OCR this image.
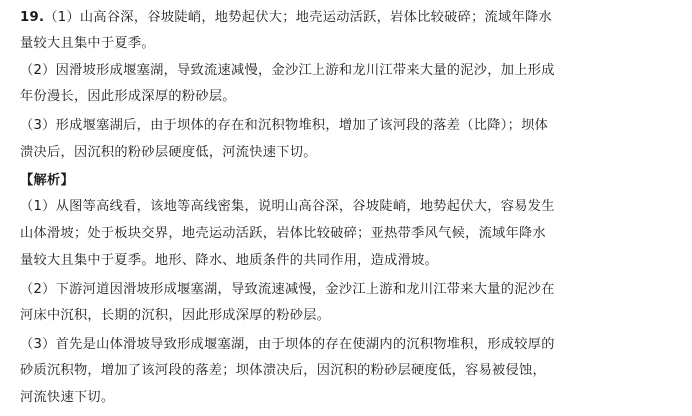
19.（1）山高谷深，谷坡陡峭，地势起伏大；地壳运动活跃，岩体比较破碎；流域年降水
量较大且集中于夏季。
（2）因滑坡形成堰塞湖，导致流速减慢，金沙江上游和龙川江带来大量的泥沙，加上形成
年份漫长，因此形成深厚的粉砂层。
（3）形成堰塞湖后，由于坝体的存在和沉积物堆积，增加了该河段的落差（比降）；坝体
溃决后，因沉积的粉砂层硬度低，河流快速下切。
【解析】
（1）从图等高线看，该地等高线密集，说明山高谷深，谷坡陡峭，地势起伏大，容易发生
山体滑坡；处于板块交界，地壳运动活跃，岩体比较破碎；亚热带季风气候，流域年降水
量较大且集中于夏季。地形、降水、地质条件的共同作用，造成滑坡。
（2）下游河道因滑坡形成堰塞湖，导致流速减慢，金沙江上游和龙川江带来大量的泥沙在
河床中沉积，长期的沉积，因此形成深厚的粉砂层。
（3）首先是山体滑坡导致形成堰塞湖，由于坝体的存在使湖内的沉积物堆积，形成较厚的
砂质沉积物，增加了该河段的落差；坝体溃决后，因沉积的粉砂层硬度低，容易被侵蚀，
河流快速下切。
